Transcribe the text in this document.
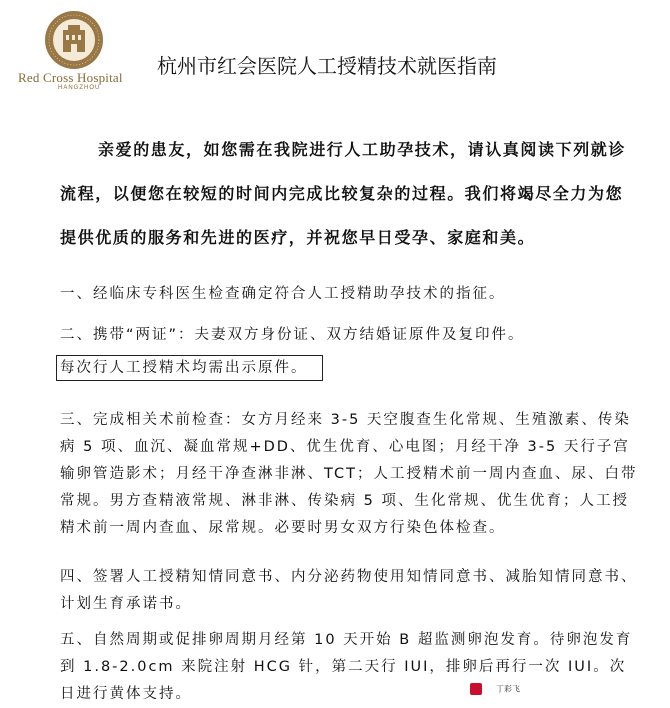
Red Cross Hospital
HANGZHOU
杭州市红会医院人工授精技术就医指南

亲爱的患友，如您需在我院进行人工助孕技术，请认真阅读下列就诊流程，以便您在较短的时间内完成比较复杂的过程。我们将竭尽全力为您提供优质的服务和先进的医疗，并祝您早日受孕、家庭和美。

一、经临床专科医生检查确定符合人工授精助孕技术的指征。
二、携带“两证”：夫妻双方身份证、双方结婚证原件及复印件。
每次行人工授精术均需出示原件。
三、完成相关术前检查：女方月经来 3-5 天空腹查生化常规、生殖激素、传染病 5 项、血沉、凝血常规+DD、优生优育、心电图；月经干净 3-5 天行子宫输卵管造影术；月经干净查淋非淋、TCT；人工授精术前一周内查血、尿、白带常规。男方查精液常规、淋非淋、传染病 5 项、生化常规、优生优育；人工授精术前一周内查血、尿常规。必要时男女双方行染色体检查。
四、签署人工授精知情同意书、内分泌药物使用知情同意书、减胎知情同意书、计划生育承诺书。
五、自然周期或促排卵周期月经第 10 天开始 B 超监测卵泡发育。待卵泡发育到 1.8-2.0cm 来院注射 HCG 针，第二天行 IUI，排卵后再行一次 IUI。次日进行黄体支持。	丁彩飞
